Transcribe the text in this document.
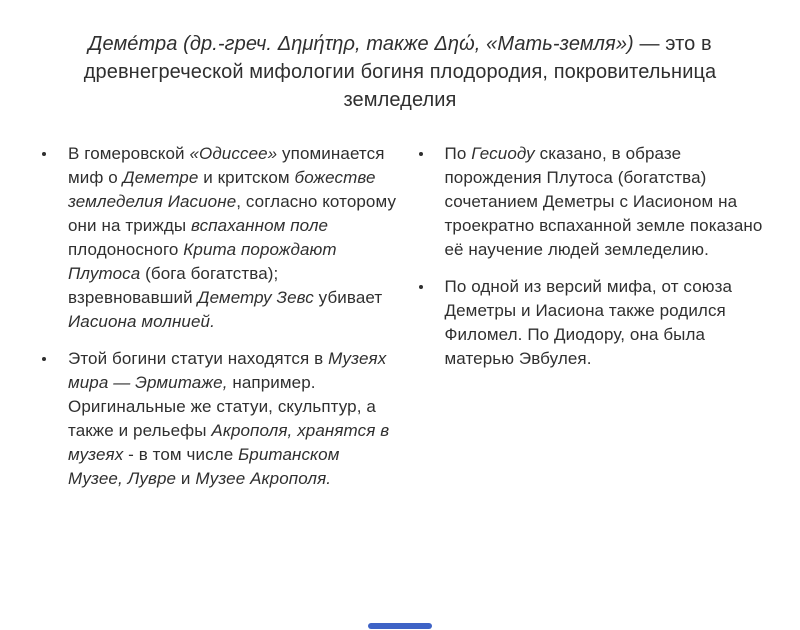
Деме́тра (др.-греч. Δημήτηρ, также Δηώ, «Мать-земля») — это в древнегреческой мифологии богиня плодородия, покровительница земледелия

В гомеровской «Одиссее» упоминается миф о Деметре и критском божестве земледелия Иасионе, согласно которому они на трижды вспаханном поле плодоносного Крита порождают Плутоса (бога богатства); взревновавший Деметру Зевс убивает Иасиона молнией.

Этой богини статуи находятся в Музеях мира — Эрмитаже, например. Оригинальные же статуи, скульптур, а также и рельефы Акрополя, хранятся в музеях - в том числе Британском Музее, Лувре и Музее Акрополя.

По Гесиоду сказано, в образе порождения Плутоса (богатства) сочетанием Деметры с Иасионом на троекратно вспаханной земле показано её научение людей земледелию.

По одной из версий мифа, от союза Деметры и Иасиона также родился Филомел. По Диодору, она была матерью Эвбулея.
